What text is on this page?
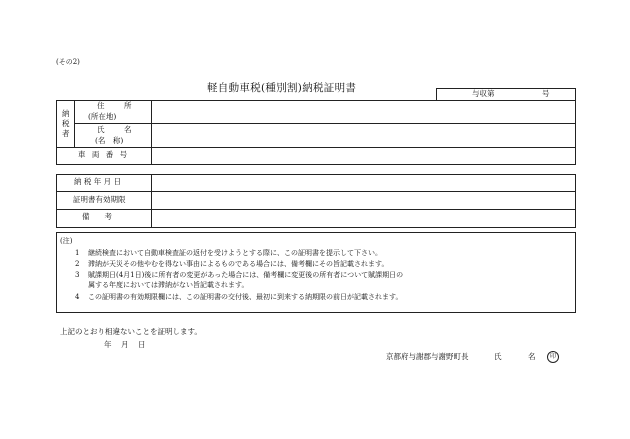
(その2)
軽自動車税(種別割)納税証明書	与収第	号
納
税
者
住	所
(所在地)
氏	名
(名　称)
車 両 番 号
納 税 年 月 日
証明書有効期限
備　　考
(注)
1 継続検査において自動車検査証の返付を受けようとする際に、この証明書を提示して下さい。
2 滞納が天災その他やむを得ない事由によるものである場合には、備考欄にその旨記載されます。
3 賦課期日(4月1日)後に所有者の変更があった場合には、備考欄に変更後の所有者について賦課期日の
属する年度においては滞納がない旨記載されます。
4 この証明書の有効期限欄には、この証明書の交付後、最初に到来する納期限の前日が記載されます。
上記のとおり相違ないことを証明します。
年 月 日
京都府与謝郡与謝野町長	氏	名	印
